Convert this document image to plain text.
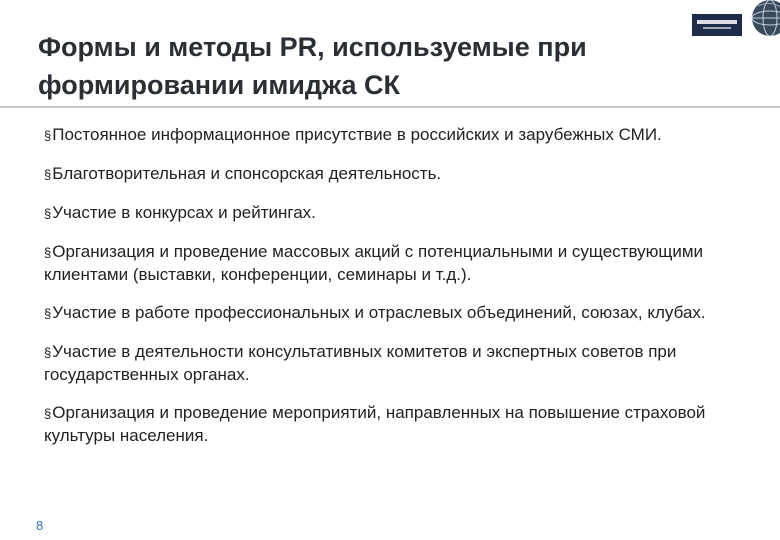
Формы и методы PR, используемые при формировании имиджа СК
§Постоянное информационное присутствие в российских и зарубежных СМИ.
§Благотворительная и спонсорская деятельность.
§Участие в конкурсах и рейтингах.
§Организация и проведение массовых акций с потенциальными и существующими клиентами (выставки, конференции, семинары и т.д.).
§Участие в работе профессиональных и отраслевых объединений, союзах, клубах.
§Участие в деятельности консультативных комитетов и экспертных советов при государственных органах.
§Организация и проведение мероприятий, направленных на повышение страховой культуры населения.
8
